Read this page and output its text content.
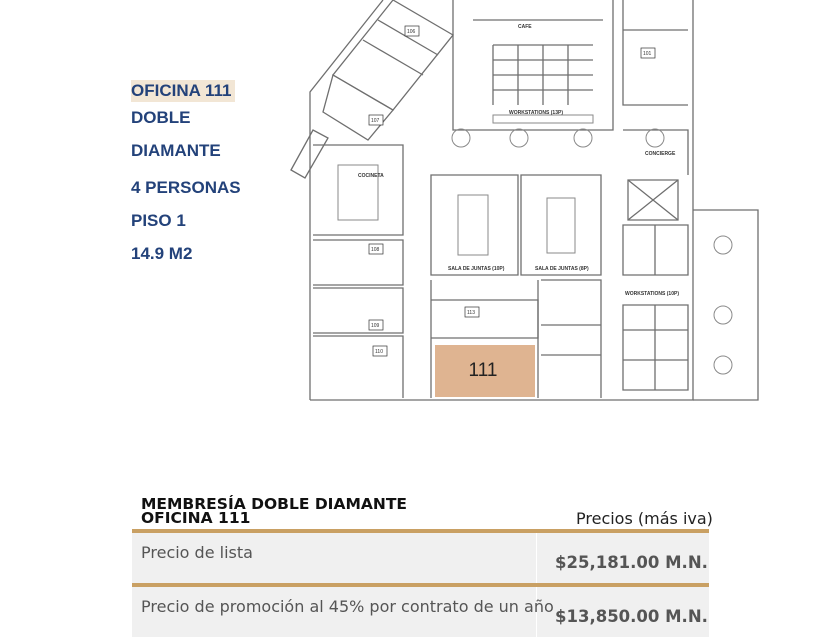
OFICINA 111
DOBLE
DIAMANTE
4 PERSONAS
PISO 1
14.9 M2
111
CAFE
WORKSTATIONS (13P)
CONCIERGE
COCINETA
SALA DE JUNTAS (10P)	SALA DE JUNTAS (8P)
WORKSTATIONS (10P)
106
107
101
108
109
110
113
MEMBRESÍA DOBLE DIAMANTE
OFICINA 111	Precios (más iva)
Precio de lista
$25,181.00 M.N.
Precio de promoción al 45% por contrato de un año
$13,850.00 M.N.
